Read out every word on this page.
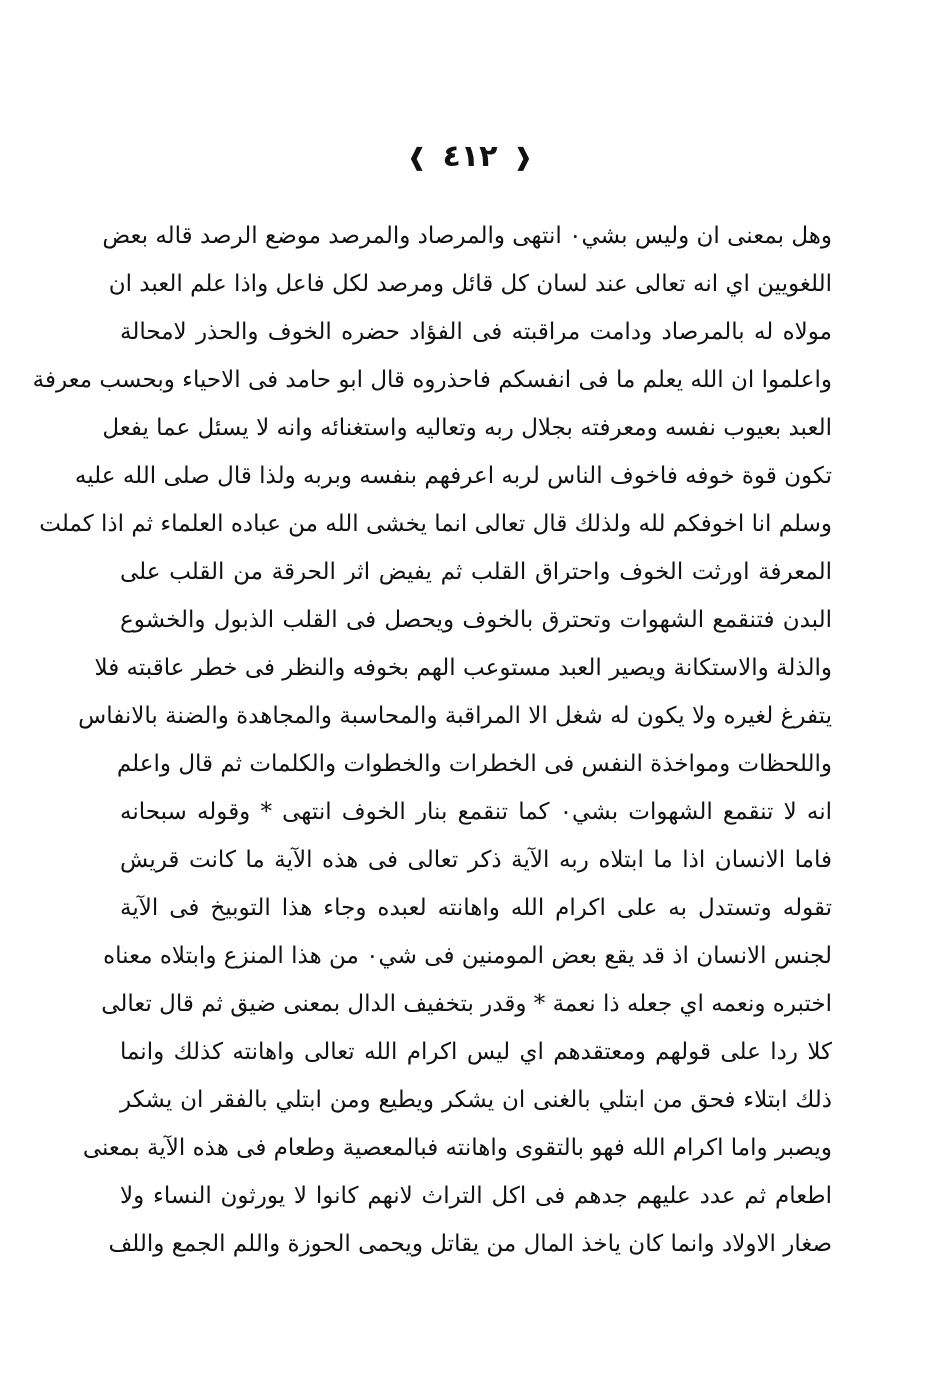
❰ ٤١٢ ❱
وهل بمعنى ان وليس بشي٠ انتهى والمرصاد والمرصد موضع الرصد قاله بعض
اللغويين اي انه تعالى عند لسان كل قائل ومرصد لكل فاعل واذا علم العبد ان
مولاه له بالمرصاد ودامت مراقبته فى الفؤاد حضره الخوف والحذر لامحالة
واعلموا ان الله يعلم ما فى انفسكم فاحذروه قال ابو حامد فى الاحياء وبحسب معرفة
العبد بعيوب نفسه ومعرفته بجلال ربه وتعاليه واستغنائه وانه لا يسئل عما يفعل
تكون قوة خوفه فاخوف الناس لربه اعرفهم بنفسه وبربه ولذا قال صلى الله عليه
وسلم انا اخوفكم لله ولذلك قال تعالى انما يخشى الله من عباده العلماء ثم اذا كملت
المعرفة اورثت الخوف واحتراق القلب ثم يفيض اثر الحرقة من القلب على
البدن فتنقمع الشهوات وتحترق بالخوف ويحصل فى القلب الذبول والخشوع
والذلة والاستكانة ويصير العبد مستوعب الهم بخوفه والنظر فى خطر عاقبته فلا
يتفرغ لغيره ولا يكون له شغل الا المراقبة والمحاسبة والمجاهدة والضنة بالانفاس
واللحظات ومواخذة النفس فى الخطرات والخطوات والكلمات ثم قال واعلم
انه لا تنقمع الشهوات بشي٠ كما تنقمع بنار الخوف انتهى * وقوله سبحانه
فاما الانسان اذا ما ابتلاه ربه الآية ذكر تعالى فى هذه الآية ما كانت قريش
تقوله وتستدل به على اكرام الله واهانته لعبده وجاء هذا التوبيخ فى الآية
لجنس الانسان اذ قد يقع بعض المومنين فى شي٠ من هذا المنزع وابتلاه معناه
اختبره ونعمه اي جعله ذا نعمة * وقدر بتخفيف الدال بمعنى ضيق ثم قال تعالى
كلا ردا على قولهم ومعتقدهم اي ليس اكرام الله تعالى واهانته كذلك وانما
ذلك ابتلاء فحق من ابتلي بالغنى ان يشكر ويطيع ومن ابتلي بالفقر ان يشكر
ويصبر واما اكرام الله فهو بالتقوى واهانته فبالمعصية وطعام فى هذه الآية بمعنى
اطعام ثم عدد عليهم جدهم فى اكل التراث لانهم كانوا لا يورثون النساء ولا
صغار الاولاد وانما كان ياخذ المال من يقاتل ويحمى الحوزة واللم الجمع واللف
